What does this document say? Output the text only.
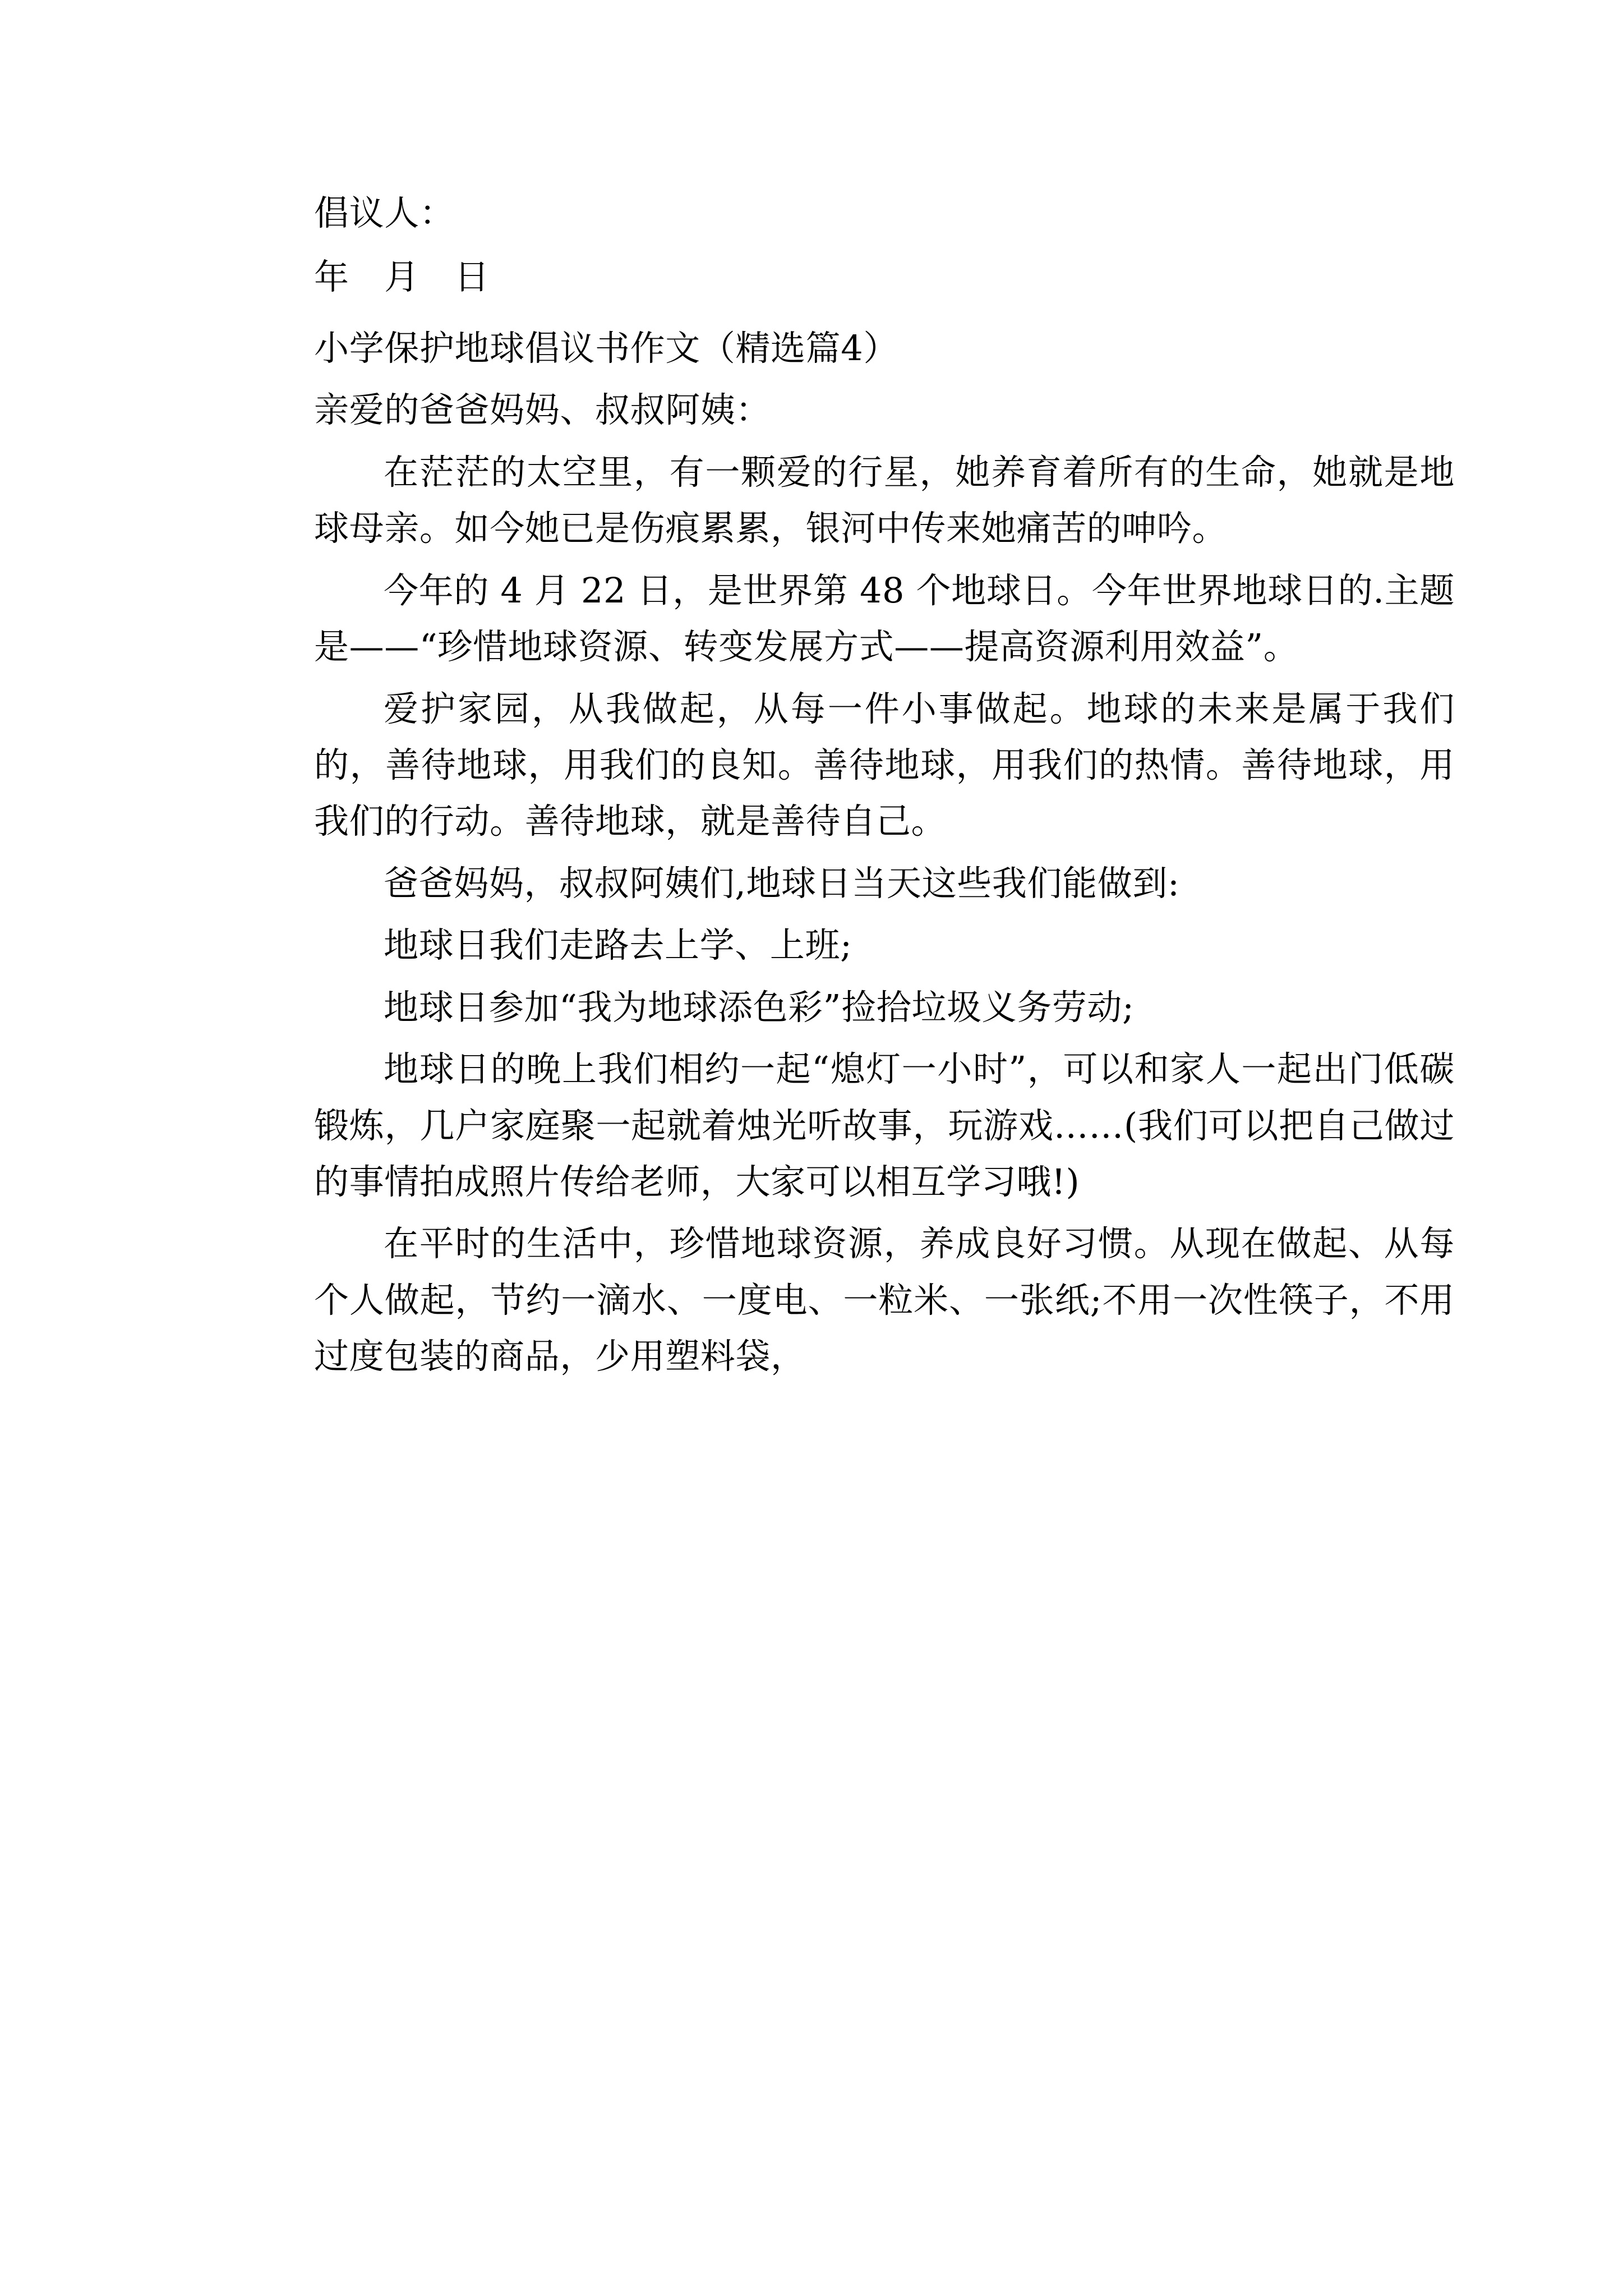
倡议人：

年 月 日

小学保护地球倡议书作文（精选篇4）

亲爱的爸爸妈妈、叔叔阿姨：

在茫茫的太空里，有一颗爱的行星，她养育着所有的生命，她就是地球母亲。如今她已是伤痕累累，银河中传来她痛苦的呻吟。

今年的 4 月 22 日，是世界第 48 个地球日。今年世界地球日的.主题是——“珍惜地球资源、转变发展方式——提高资源利用效益”。

爱护家园，从我做起，从每一件小事做起。地球的未来是属于我们的，善待地球，用我们的良知。善待地球，用我们的热情。善待地球，用我们的行动。善待地球，就是善待自己。

爸爸妈妈，叔叔阿姨们,地球日当天这些我们能做到:

地球日我们走路去上学、上班;

地球日参加“我为地球添色彩”捡拾垃圾义务劳动;

地球日的晚上我们相约一起“熄灯一小时”，可以和家人一起出门低碳锻炼，几户家庭聚一起就着烛光听故事，玩游戏……(我们可以把自己做过的事情拍成照片传给老师，大家可以相互学习哦!)

在平时的生活中，珍惜地球资源，养成良好习惯。从现在做起、从每个人做起，节约一滴水、一度电、一粒米、一张纸;不用一次性筷子，不用过度包装的商品，少用塑料袋，
